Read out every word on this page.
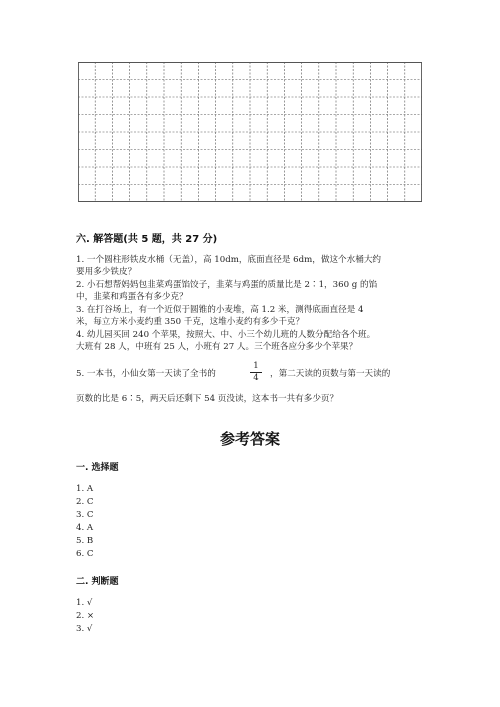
六. 解答题(共 5 题，共 27 分)
1. 一个圆柱形铁皮水桶（无盖），高 10dm，底面直径是 6dm，做这个水桶大约
要用多少铁皮？
2. 小石想帮妈妈包韭菜鸡蛋馅饺子，韭菜与鸡蛋的质量比是 2∶1，360 g 的馅
中，韭菜和鸡蛋各有多少克？
3. 在打谷场上，有一个近似于圆锥的小麦堆，高 1.2 米，测得底面直径是 4
米，每立方米小麦约重 350 千克，这堆小麦约有多少千克？
4. 幼儿园买回 240 个苹果，按照大、中、小三个幼儿班的人数分配给各个班。
大班有 28 人，中班有 25 人，小班有 27 人。三个班各应分多少个苹果？
5. 一本书，小仙女第一天读了全书的
1
4	，第二天读的页数与第一天读的
页数的比是 6∶5，两天后还剩下 54 页没读，这本书一共有多少页？
参考答案
一. 选择题
1. A
2. C
3. C
4. A
5. B
6. C
二. 判断题
1. √
2. ×
3. √
